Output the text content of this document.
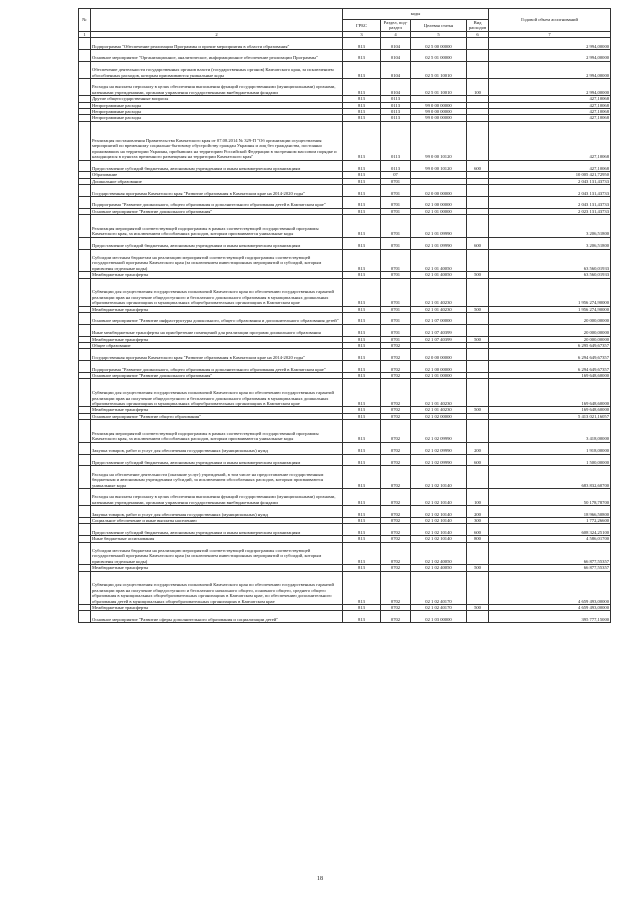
№		коды				Годовой объем ассигнований
		ГРБС	Раздел, под-раздел	Целевая статья	Вид расходов	
1	2	3	4	5	6	7
	Подпрограмма "Обеспечение реализации Программы и прочие мероприятия в области образования"	813	0104	02 5 00 00000		2 994,00000
	Основное мероприятие "Организационное, аналитическое, информационное обеспечение реализации Программы"	813	0104	02 5 01 00000		2 994,00000
	Обеспечение деятельности государственных органов власти (государственных органов) Камчатского края, за исключением обособленных расходов, которым присваиваются уникальные коды	813	0104	02 5 01 10010		2 994,00000
	Расходы на выплаты персоналу в целях обеспечения выполнения функций государственными (муниципальными) органами, казенными учреждениями, органами управления государственными внебюджетными фондами	813	0104	02 5 01 10010	100	2 994,00000
	Другие общегосударственные вопросы	813	0113			427,10068
	Непрограммные расходы	813	0113	99 0 00 00000		427,10068
	Непрограммные расходы	813	0113	99 0 00 00000		427,10068
	Непрограммные расходы	813	0113	99 0 00 00000		427,10068
	Реализация постановления Правительства Камчатского края от 07.08.2014 № 329-П "Об организации осуществления мероприятий по временному социально-бытовому обустройству граждан Украины и лиц без гражданства, постоянно проживавших на территории Украины, прибывших на территорию Российской Федерации в экстренном массовом порядке и находящихся в пунктах временного размещения на территории Камчатского края"	813	0113	99 0 00 10120		427,10068
	Предоставление субсидий бюджетным, автономным учреждениям и иным некоммерческим организациям	813	0113	99 0 00 10120	600	427,10068
	Образование	813	07			10 005 421,72950
	Дошкольное образование	813	0701			2 043 131,43733
	Государственная программа Камчатского края "Развитие образования в Камчатском крае на 2014-2020 годы"	813	0701	02 0 00 00000		2 043 131,43733
	Подпрограмма "Развитие дошкольного, общего образования и дополнительного образования детей в Камчатском крае"	813	0701	02 1 00 00000		2 043 131,43733
	Основное мероприятие "Развитие дошкольного образования"	813	0701	02 1 01 00000		2 023 131,43733
	Реализация мероприятий соответствующей подпрограммы в рамках соответствующей государственной программы Камчатского края, за исключением обособленных расходов, которым присваиваются уникальные коды	813	0701	02 1 01 09990		3 206,51800
	Предоставление субсидий бюджетным, автономным учреждениям и иным некоммерческим организациям	813	0701	02 1 01 09990	600	3 206,51800
	Субсидии местным бюджетам на реализацию мероприятий соответствующей подпрограммы соответствующей государственной программы Камчатского края (за исключением инвестиционных мероприятий и субсидий, которым присвоены отдельные коды)	813	0701	02 1 01 40050		63 560,01933
	Межбюджетные трансферты	813	0701	02 1 01 40050	500	63 560,01933
	Субвенции для осуществления государственных полномочий Камчатского края по обеспечению государственных гарантий реализации прав на получение общедоступного и бесплатного дошкольного образования в муниципальных дошкольных образовательных организациях и муниципальных общеобразовательных организациях в Камчатском крае	813	0701	02 1 01 40230		1 956 274,90000
	Межбюджетные трансферты	813	0701	02 1 01 40230	500	1 956 274,90000
	Основное мероприятие "Развитие инфраструктуры дошкольного, общего образования и дополнительного образования детей"	813	0701	02 1 07 00000		20 000,00000
	Иные межбюджетные трансферты на приобретение помещений для реализации программ дошкольного образования	813	0701	02 1 07 40399		20 000,00000
	Межбюджетные трансферты	813	0701	02 1 07 40399	500	20 000,00000
	Общее образование	813	0702			6 295 649,67357
	Государственная программа Камчатского края "Развитие образования в Камчатском крае на 2014-2020 годы"	813	0702	02 0 00 00000		6 294 649,67357
	Подпрограмма "Развитие дошкольного, общего образования и дополнительного образования детей в Камчатском крае"	813	0702	02 1 00 00000		6 294 649,67357
	Основное мероприятие "Развитие дошкольного образования"	813	0702	02 1 01 00000		169 648,60000
	Субвенции для осуществления государственных полномочий Камчатского края по обеспечению государственных гарантий реализации прав на получение общедоступного и бесплатного дошкольного образования в муниципальных дошкольных образовательных организациях и муниципальных общеобразовательных организациях в Камчатском крае	813	0702	02 1 01 40230		169 648,60000
	Межбюджетные трансферты	813	0702	02 1 01 40230	500	169 648,60000
	Основное мероприятие "Развитие общего образования"	813	0702	02 1 02 00000		5 413 021,16057
	Реализация мероприятий соответствующей подпрограммы в рамках соответствующей государственной программы Камчатского края, за исключением обособленных расходов, которым присваиваются уникальные коды	813	0702	02 1 02 09990		3 418,00000
	Закупка товаров, работ и услуг для обеспечения государственных (муниципальных) нужд	813	0702	02 1 02 09990	200	1 918,00000
	Предоставление субсидий бюджетным, автономным учреждениям и иным некоммерческим организациям	813	0702	02 1 02 09990	600	1 500,00000
	Расходы на обеспечение деятельности (оказание услуг) учреждений, в том числе на предоставление государственным бюджетным и автономным учреждениям субсидий, за исключением обособленных расходов, которым присваиваются уникальные коды	813	0702	02 1 02 10140		683 832,60700
	Расходы на выплаты персоналу в целях обеспечения выполнения функций государственными (муниципальными) органами, казенными учреждениями, органами управления государственными внебюджетными фондами	813	0702	02 1 02 10140	100	50 178,78700
	Закупка товаров, работ и услуг для обеспечения государственных (муниципальных) нужд	813	0702	02 1 02 10140	200	18 966,50800
	Социальное обеспечение и иные выплаты населению	813	0702	02 1 02 10140	300	1 772,26600
	Предоставление субсидий бюджетным, автономным учреждениям и иным некоммерческим организациям	813	0702	02 1 02 10140	600	608 324,25100
	Иные бюджетные ассигнования	813	0702	02 1 02 10140	800	4 586,01700
	Субсидии местным бюджетам на реализацию мероприятий соответствующей подпрограммы соответствующей государственной программы Камчатского края (за исключением инвестиционных мероприятий и субсидий, которым присвоены отдельные коды)	813	0702	02 1 02 40050		66 877,55357
	Межбюджетные трансферты	813	0702	02 1 02 40050	500	66 877,55357
	Субвенции для осуществления государственных полномочий Камчатского края по обеспечению государственных гарантий реализации прав на получение общедоступного и бесплатного начального общего, основного общего, среднего общего образования в муниципальных общеобразовательных организациях в Камчатском крае, по обеспечению дополнительного образования детей в муниципальных общеобразовательных организациях в Камчатском крае	813	0702	02 1 02 40170		4 659 493,00000
	Межбюджетные трансферты	813	0702	02 1 02 40170	500	4 659 493,00000
	Основное мероприятие "Развитие сферы дополнительного образования и социализации детей"	813	0702	02 1 03 00000		395 777,15000
18
